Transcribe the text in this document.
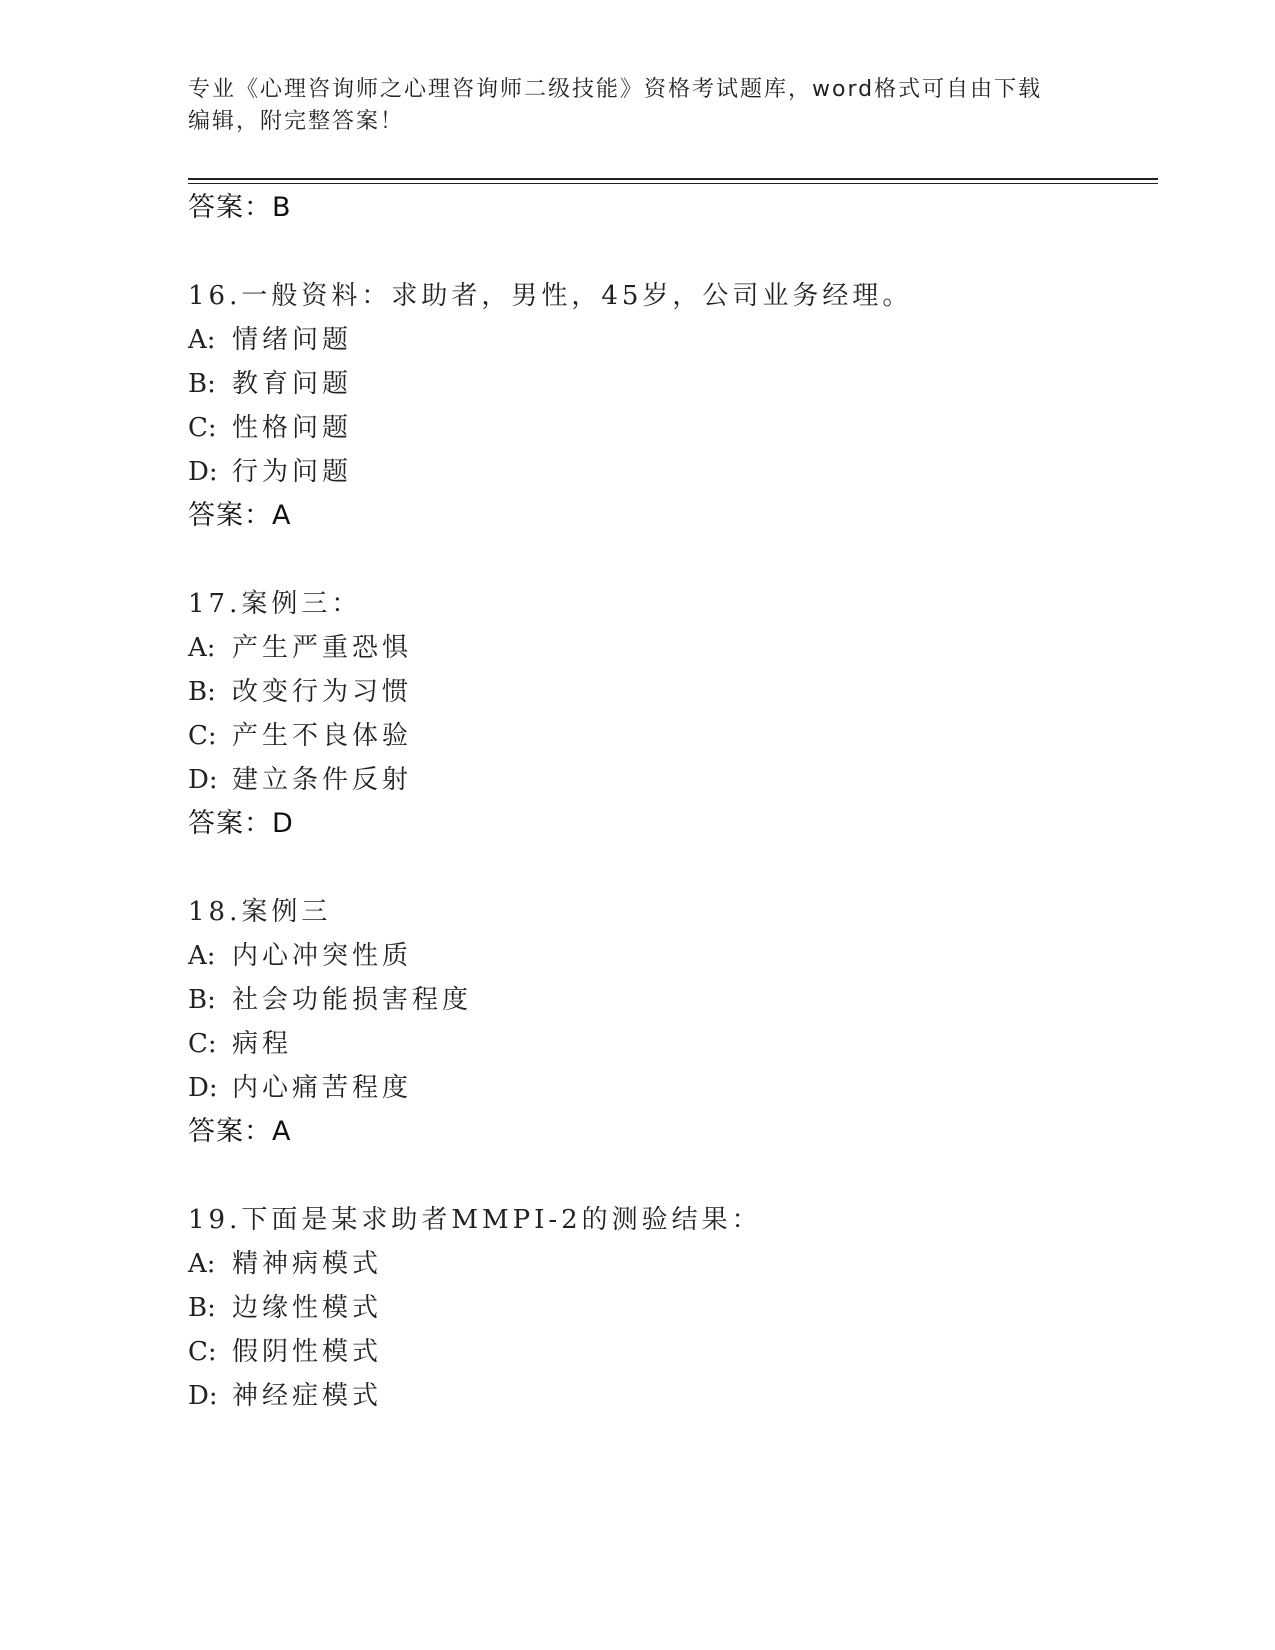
专业《心理咨询师之心理咨询师二级技能》资格考试题库，word格式可自由下载
编辑，附完整答案！
答案：B
16.一般资料：求助者，男性，45岁，公司业务经理。
A: 情绪问题
B: 教育问题
C: 性格问题
D: 行为问题
答案：A
17.案例三：
A: 产生严重恐惧
B: 改变行为习惯
C: 产生不良体验
D: 建立条件反射
答案：D
18.案例三
A: 内心冲突性质
B: 社会功能损害程度
C: 病程
D: 内心痛苦程度
答案：A
19.下面是某求助者MMPI-2的测验结果：
A: 精神病模式
B: 边缘性模式
C: 假阴性模式
D: 神经症模式
